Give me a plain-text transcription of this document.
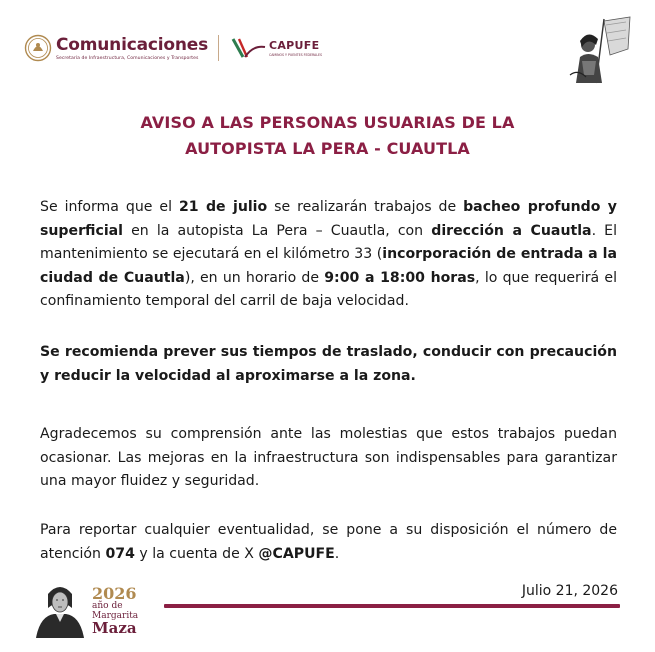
Comunicaciones
Secretaría de Infraestructura, Comunicaciones y Transportes
CAPUFE
CAMINOS Y PUENTES FEDERALES
AVISO A LAS PERSONAS USUARIAS DE LA
AUTOPISTA LA PERA - CUAUTLA
Se informa que el 21 de julio se realizarán trabajos de bacheo profundo y superficial en la autopista La Pera – Cuautla, con dirección a Cuautla. El mantenimiento se ejecutará en el kilómetro 33 (incorporación de entrada a la ciudad de Cuautla), en un horario de 9:00 a 18:00 horas, lo que requerirá el confinamiento temporal del carril de baja velocidad.
Se recomienda prever sus tiempos de traslado, conducir con precaución y reducir la velocidad al aproximarse a la zona.
Agradecemos su comprensión ante las molestias que estos trabajos puedan ocasionar. Las mejoras en la infraestructura son indispensables para garantizar una mayor fluidez y seguridad.
Para reportar cualquier eventualidad, se pone a su disposición el número de atención 074 y la cuenta de X @CAPUFE.
2026
año de
Margarita
Maza
Julio 21, 2026
